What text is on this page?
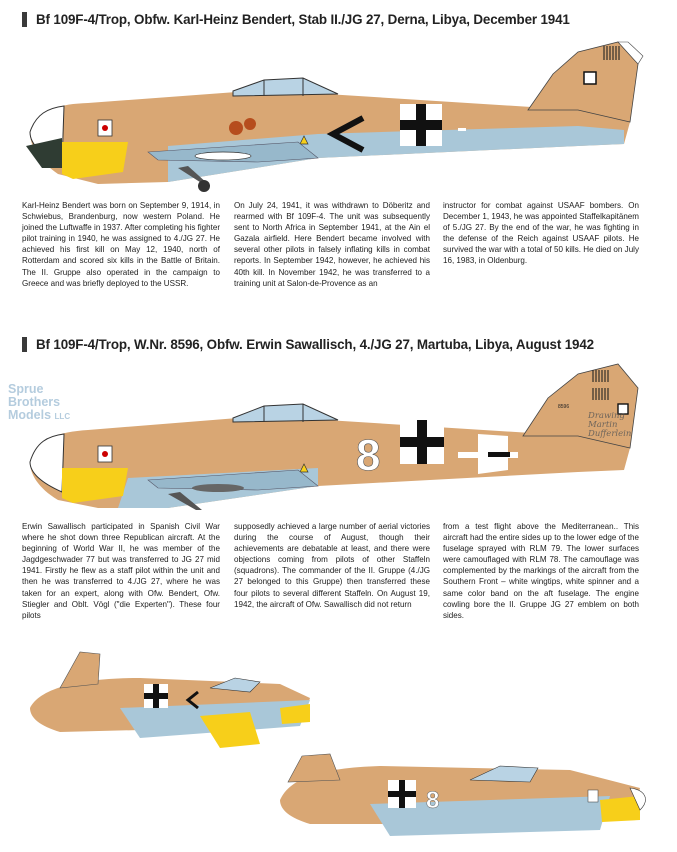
Bf 109F-4/Trop, Obfw. Karl-Heinz Bendert, Stab II./JG 27, Derna, Libya, December 1941
Karl-Heinz Bendert was born on September 9, 1914, in Schwiebus, Brandenburg, now western Poland. He joined the Luftwaffe in 1937. After completing his fighter pilot training in 1940, he was assigned to 4./JG 27. He achieved his first kill on May 12, 1940, north of Rotterdam and scored six kills in the Battle of Britain. The II. Gruppe also operated in the campaign to Greece and was briefly deployed to the USSR.
On July 24, 1941, it was withdrawn to Döberitz and rearmed with Bf 109F-4. The unit was subsequently sent to North Africa in September 1941, at the Ain el Gazala airfield. Here Bendert became involved with several other pilots in falsely inflating kills in combat reports. In September 1942, however, he achieved his 40th kill. In November 1942, he was transferred to a training unit at Salon-de-Provence as an
instructor for combat against USAAF bombers. On December 1, 1943, he was appointed Staffelkapitänem of 5./JG 27. By the end of the war, he was fighting in the defense of the Reich against USAAF pilots. He survived the war with a total of 50 kills. He died on July 16, 1983, in Oldenburg.
Bf 109F-4/Trop, W.Nr. 8596, Obfw. Erwin Sawallisch, 4./JG 27, Martuba, Libya, August 1942
Sprue
Brothers
Models LLC
8596
8
Drawing
Martin
Dufferlein
Erwin Sawallisch participated in Spanish Civil War where he shot down three Republican aircraft. At the beginning of World War II, he was member of the Jagdgeschwader 77 but was transferred to JG 27 mid 1941. Firstly he flew as a staff pilot within the unit and then he was transferred to 4./JG 27, where he was taken for an expert, along with Ofw. Bendert, Ofw. Stiegler and Oblt. Vögl ("die Experten"). These four pilots
supposedly achieved a large number of aerial victories during the course of August, though their achievements are debatable at least, and there were objections coming from pilots of other Staffeln (squadrons). The commander of the II. Gruppe (4./JG 27 belonged to this Gruppe) then transferred these four pilots to several different Staffeln. On August 19, 1942, the aircraft of Ofw. Sawallisch did not return
from a test flight above the Mediterranean.. This aircraft had the entire sides up to the lower edge of the fuselage sprayed with RLM 79. The lower surfaces were camouflaged with RLM 78. The camouflage was complemented by the markings of the aircraft from the Southern Front – white wingtips, white spinner and a same color band on the aft fuselage. The engine cowling bore the II. Gruppe JG 27 emblem on both sides.
8
